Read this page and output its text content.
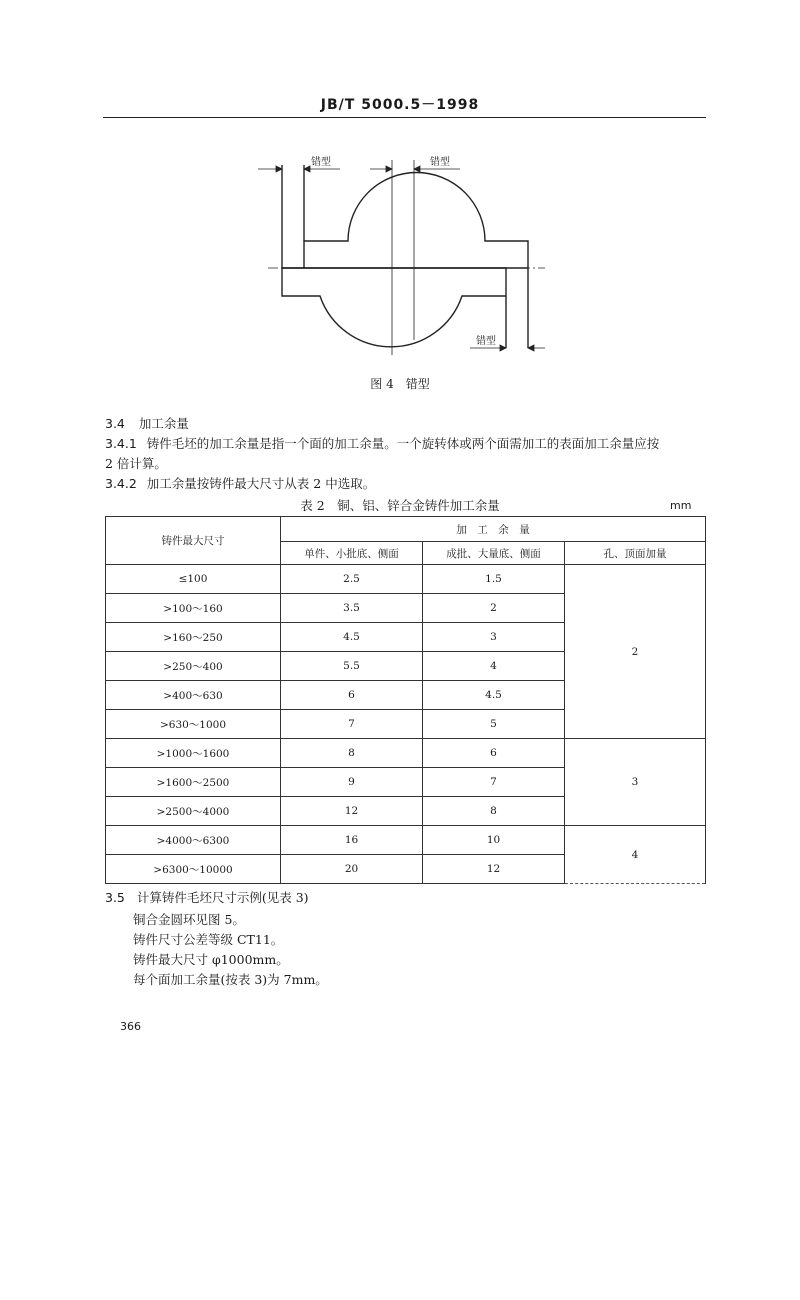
JB/T 5000.5－1998
错型	错型
错型
图 4　错型
3.4 加工余量
3.4.1 铸件毛坯的加工余量是指一个面的加工余量。一个旋转体或两个面需加工的表面加工余量应按
2 倍计算。
3.4.2 加工余量按铸件最大尺寸从表 2 中选取。
表 2　铜、铝、锌合金铸件加工余量	mm
铸件最大尺寸	加　工　余　量		
	单件、小批底、侧面	成批、大量底、侧面	孔、顶面加量
≤100	2.5	1.5	2
>100～160	3.5	2	
>160～250	4.5	3	
>250～400	5.5	4	
>400～630	6	4.5	
>630～1000	7	5	
>1000～1600	8	6	3
>1600～2500	9	7	
>2500～4000	12	8	
>4000～6300	16	10	4
>6300～10000	20	12	
3.5 计算铸件毛坯尺寸示例(见表 3)
铜合金圆环见图 5。
铸件尺寸公差等级 CT11。
铸件最大尺寸 φ1000mm。
每个面加工余量(按表 3)为 7mm。
366
